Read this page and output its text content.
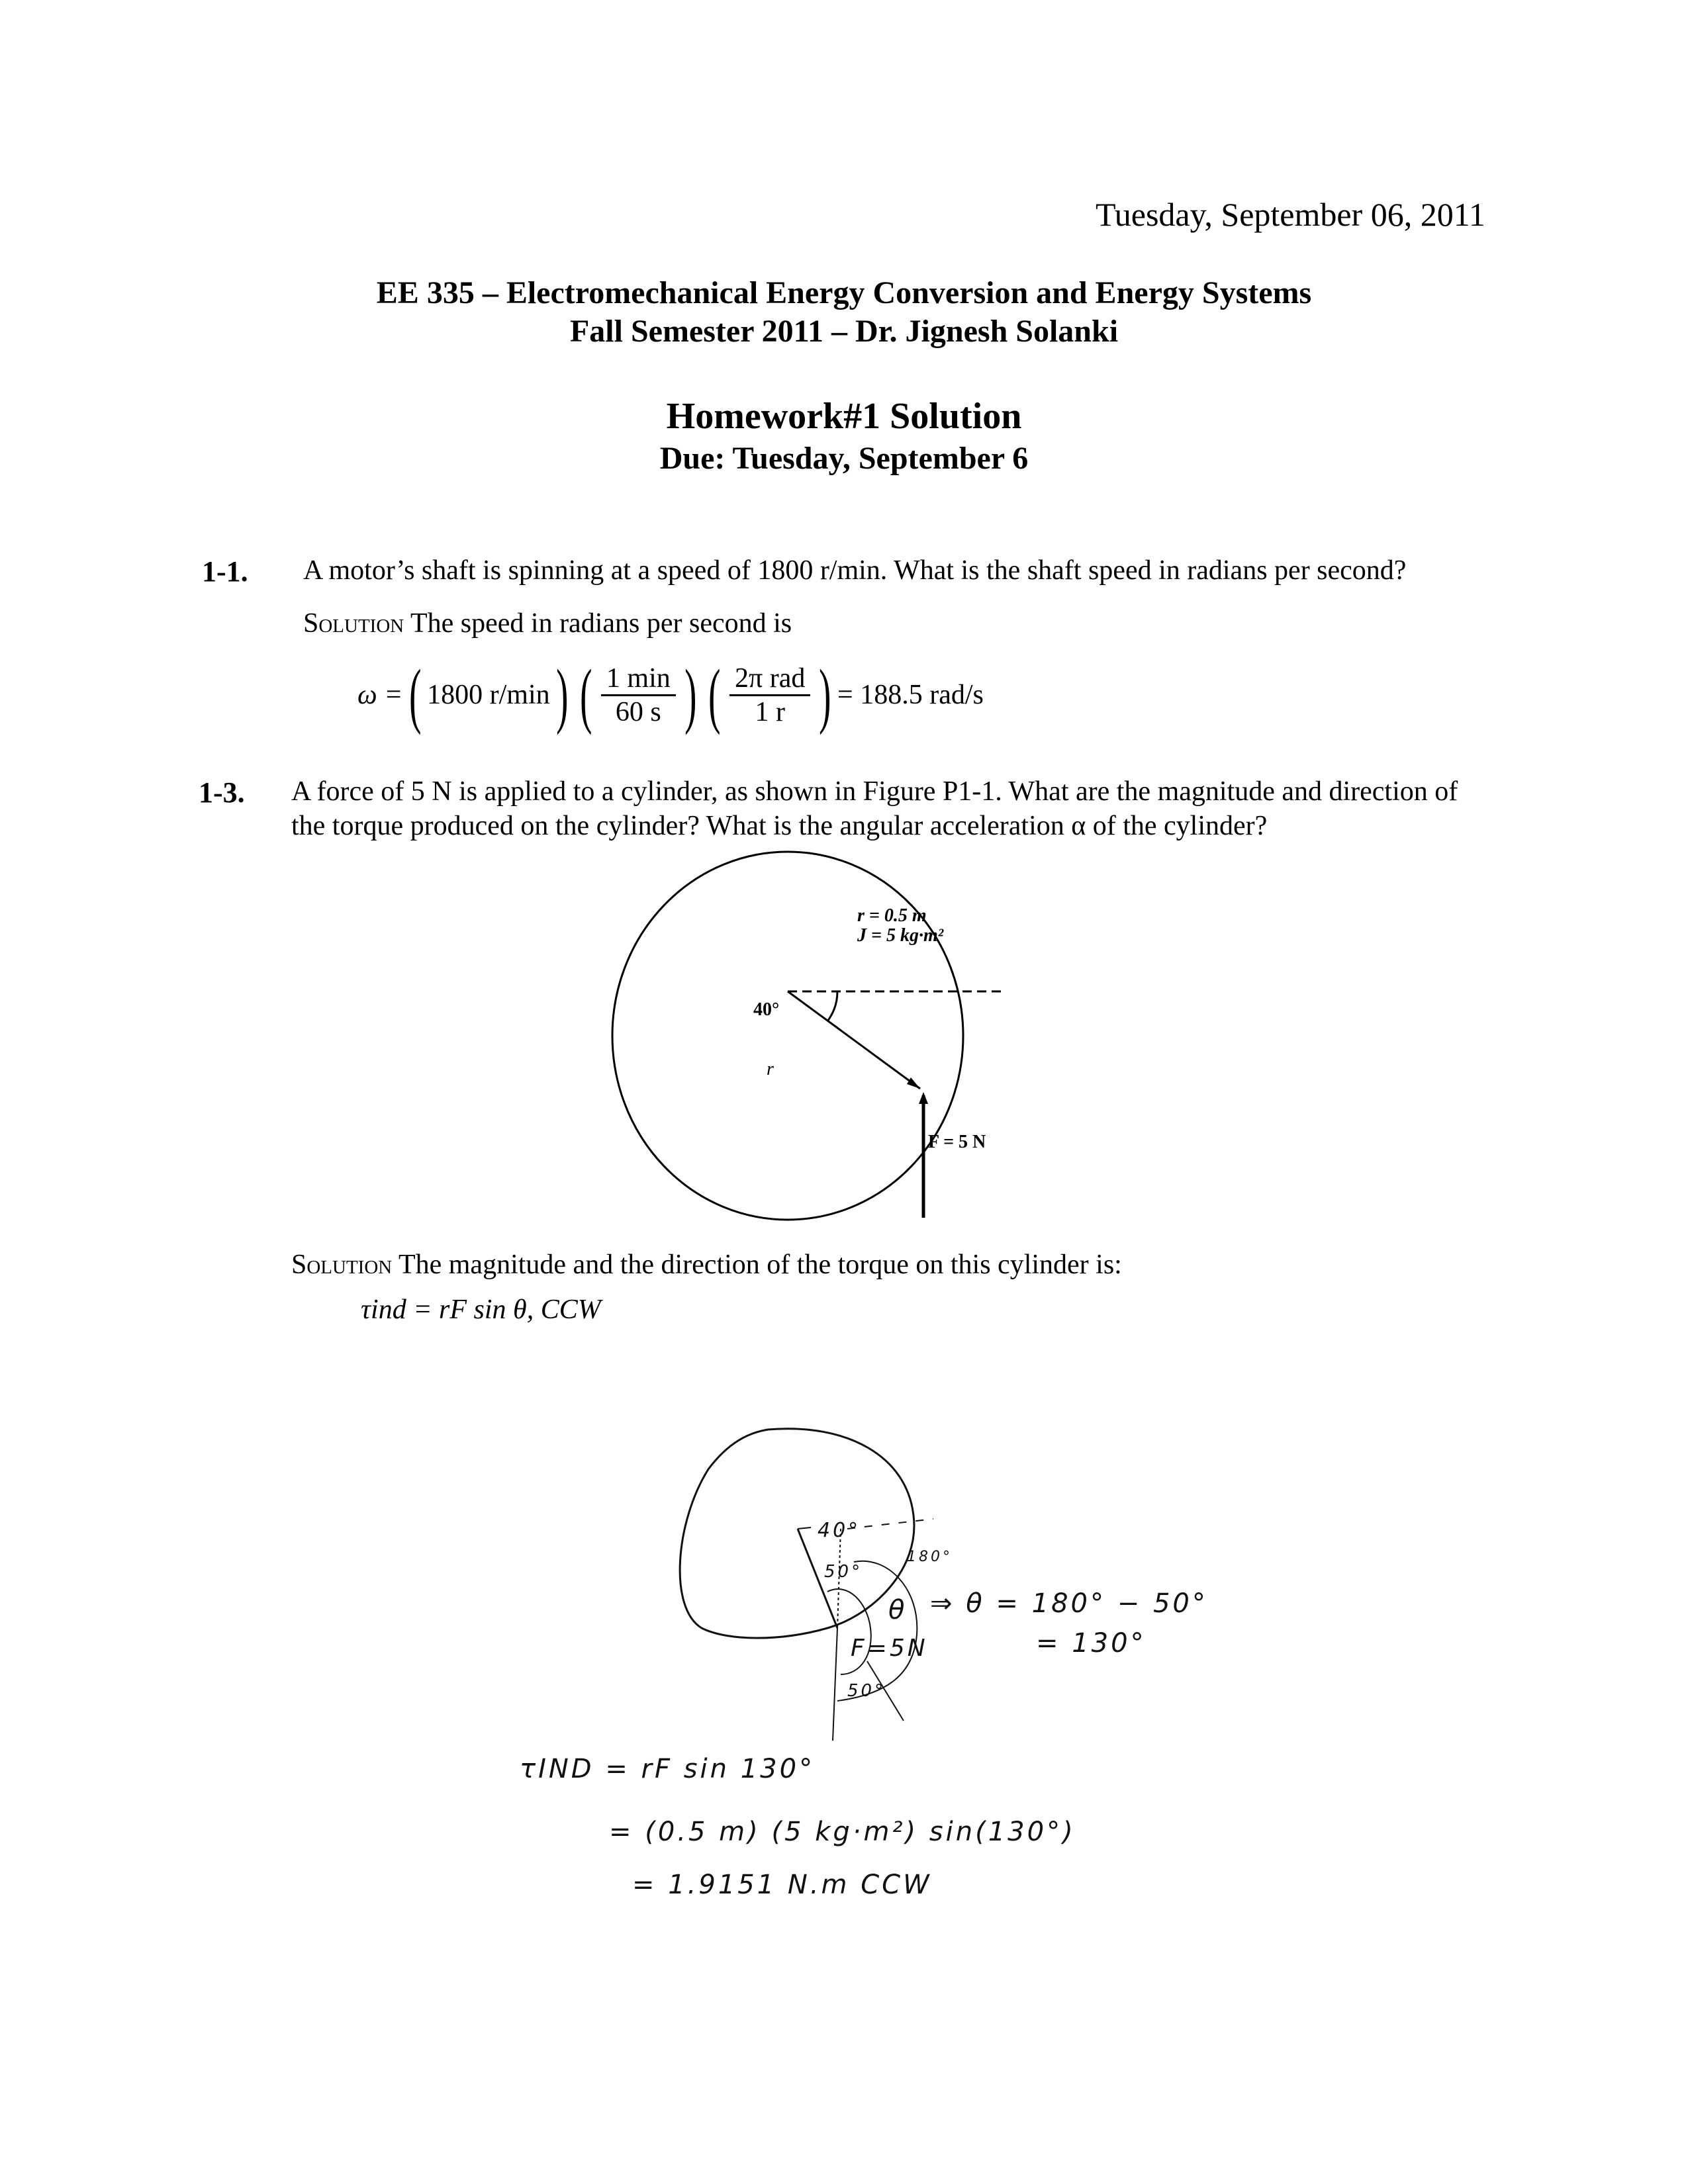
Tuesday, September 06, 2011
EE 335 – Electromechanical Energy Conversion and Energy Systems
Fall Semester 2011 – Dr. Jignesh Solanki
Homework#1 Solution
Due: Tuesday, September 6
1-1. A motor’s shaft is spinning at a speed of 1800 r/min. What is the shaft speed in radians per second?
Solution The speed in radians per second is
ω = ( 1800 r/min ) ( $\frac{1 \min}{60 s}$ ) ( $\frac{\text{2π rad}}{1 r}$ ) = 188.5 rad/s
1-3. A force of 5 N is applied to a cylinder, as shown in Figure P1-1. What are the magnitude and direction of
the torque produced on the cylinder? What is the angular acceleration α of the cylinder?
r = 0.5 m
J = 5 kg·m²
40°
r
F = 5 N
Solution The magnitude and the direction of the torque on this cylinder is:
τind = rF sin θ, CCW
40°
50°
180°
θ
F=5N
50°
⇒ θ = 180° − 50°
= 130°
τIND = rF sin 130°
= (0.5 m) (5 kg·m²) sin(130°)
= 1.9151 N.m CCW
